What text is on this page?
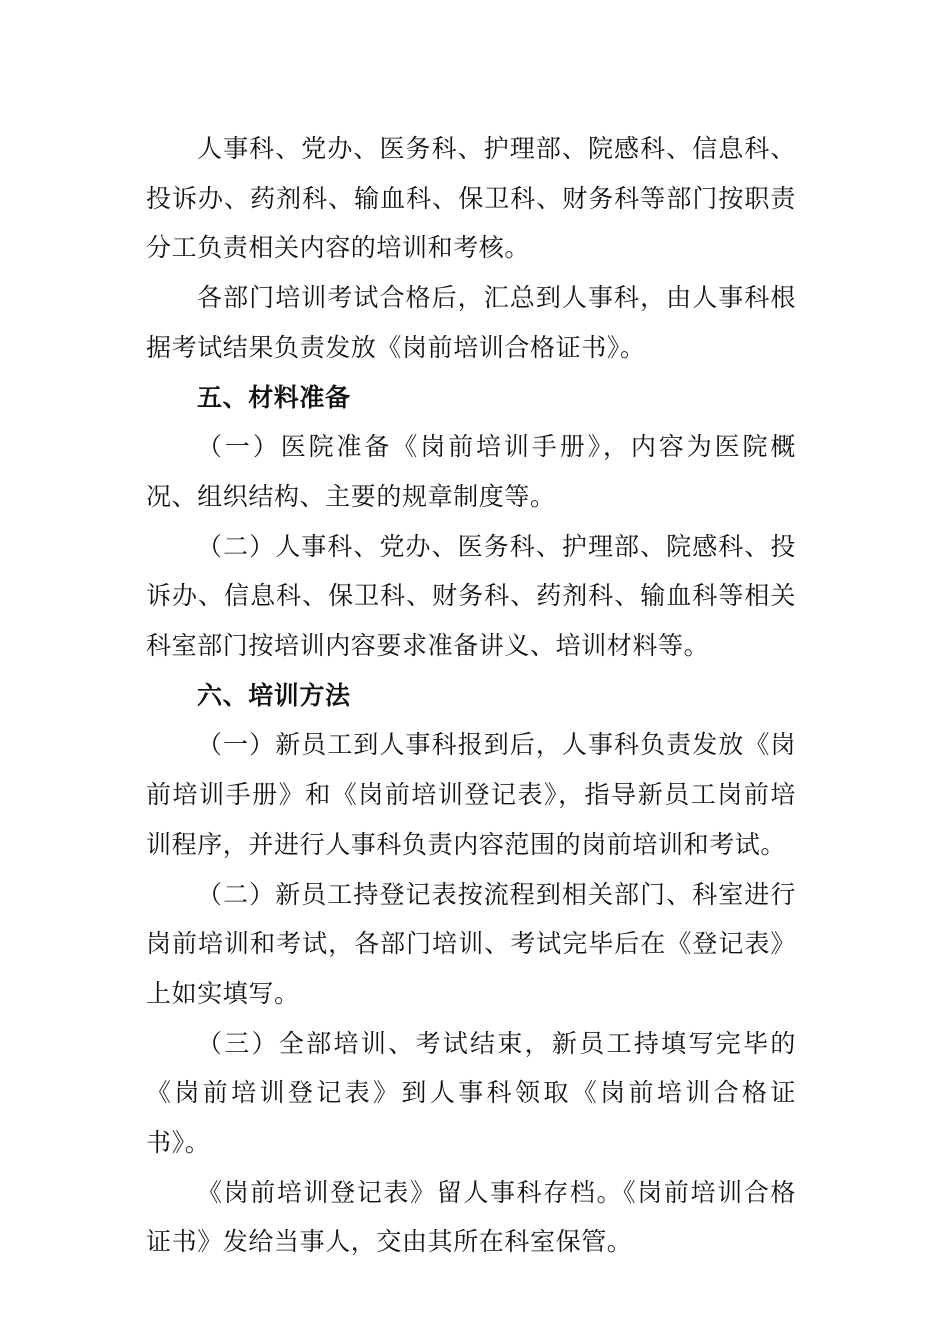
人事科、党办、医务科、护理部、院感科、信息科、投诉办、药剂科、输血科、保卫科、财务科等部门按职责分工负责相关内容的培训和考核。

各部门培训考试合格后，汇总到人事科，由人事科根据考试结果负责发放《岗前培训合格证书》。

五、材料准备

（一）医院准备《岗前培训手册》，内容为医院概况、组织结构、主要的规章制度等。

（二）人事科、党办、医务科、护理部、院感科、投诉办、信息科、保卫科、财务科、药剂科、输血科等相关科室部门按培训内容要求准备讲义、培训材料等。

六、培训方法

（一）新员工到人事科报到后，人事科负责发放《岗前培训手册》和《岗前培训登记表》，指导新员工岗前培训程序，并进行人事科负责内容范围的岗前培训和考试。

（二）新员工持登记表按流程到相关部门、科室进行岗前培训和考试，各部门培训、考试完毕后在《登记表》上如实填写。

（三）全部培训、考试结束，新员工持填写完毕的《岗前培训登记表》到人事科领取《岗前培训合格证书》。

《岗前培训登记表》留人事科存档。《岗前培训合格证书》发给当事人，交由其所在科室保管。
